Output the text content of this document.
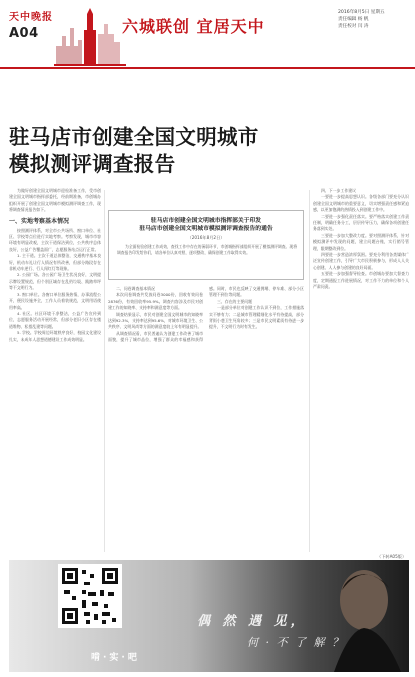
天中晚报
A04	六城联创 宜居天中
2016年8月5日 星期五
责任编辑 杨 帆
责任校对 闫 涛
驻马店市创建全国文明城市
模拟测评调查报告

为做好创建全国文明城市迎检准备工作，受市创建全国文明城市指挥部委托，经前期准备，市创城办组织开展了创建全国文明城市模拟测评调查工作，现将调查情况报告如下。

一、实地考察基本情况

按照测评体系，对全市公共场所、窗口单位、社区、学校等点位进行实地考察。考察发现，城市市容环境有明显改观，主次干道保洁到位，公共秩序总体良好，公益广告覆盖面广，志愿服务站点运行正常。

1. 主干道。主次干道总体整洁，交通秩序基本良好，机动车礼让行人情况有所改善，但部分路段存在非机动车逆行、行人闯红灯等现象。

2. 公园广场。各公园广场卫生状况良好，文明提示牌设置规范，但个别区域存在乱扔垃圾、践踏草坪等不文明行为。

3. 窗口单位。各窗口单位服务热情，办事流程公开，便民设施齐全，工作人员着装规范，文明用语使用率高。

4. 社区。社区环境干净整洁，公益广告宣传到位，志愿服务活动开展经常，但部分老旧小区存在楼道堆物、私搭乱建等问题。

5. 学校。学校周边环境秩序良好，校园文化建设扎实，未成年人思想道德建设工作成效明显。

驻马店市创建全国文明城市指挥部关于印发
驻马店市创建全国文明城市模拟测评调查报告的通告
（2016年8月2日）
为全面检验创建工作成效，查找工作中存在的薄弱环节，市创城指挥部组织开展了模拟测评调查。现将调查报告印发给你们，请各单位认真对照，逐项整改，确保创建工作取得实效。

二、问卷调查基本情况

本次问卷调查共发放问卷3000份，回收有效问卷2876份，有效回收率95.9%。调查内容涉及市民对创建工作的知晓率、支持率和满意度等方面。

调查结果显示，市民对创建全国文明城市的知晓率达到92.3%，支持率达到95.6%，对城市环境卫生、公共秩序、文明风尚等方面的满意度较上年有明显提升。

从调查情况看，市民普遍认为创建工作改善了城市面貌，提升了城市品位，增强了群众的幸福感和获得感。同时，市民也反映了交通拥堵、停车难、部分小区管理不到位等问题。

三、存在的主要问题

一是部分单位对创建工作认识不到位，工作措施落实不够有力；二是城市管理精细化水平有待提高，部分背街小巷卫生死角较多；三是市民文明素质有待进一步提升，不文明行为时有发生。

四、下一步工作建议

一要进一步提高思想认识。各级各部门要充分认识创建全国文明城市的重要意义，切实增强责任感和紧迫感，以更加饱满的热情投入到创建工作中。

二要进一步强化责任落实。要严格落实创建工作责任制，明确任务分工，层层传导压力，确保各项创建任务落到实处。

三要进一步加大整改力度。要对照测评体系，针对模拟测评中发现的问题，建立问题台账，实行销号管理，限期整改到位。

四要进一步营造浓厚氛围。要充分利用各类媒体广泛宣传创建工作，引导广大市民积极参与，形成人人关心创建、人人参与创建的良好局面。

五要进一步加强督导检查。市创城办要加大督查力度，定期通报工作进展情况，对工作不力的单位和个人严肃问责。

（下转A05版）
啃·实·吧
偶 然 遇 见，
何 · 不 了 解 ？
